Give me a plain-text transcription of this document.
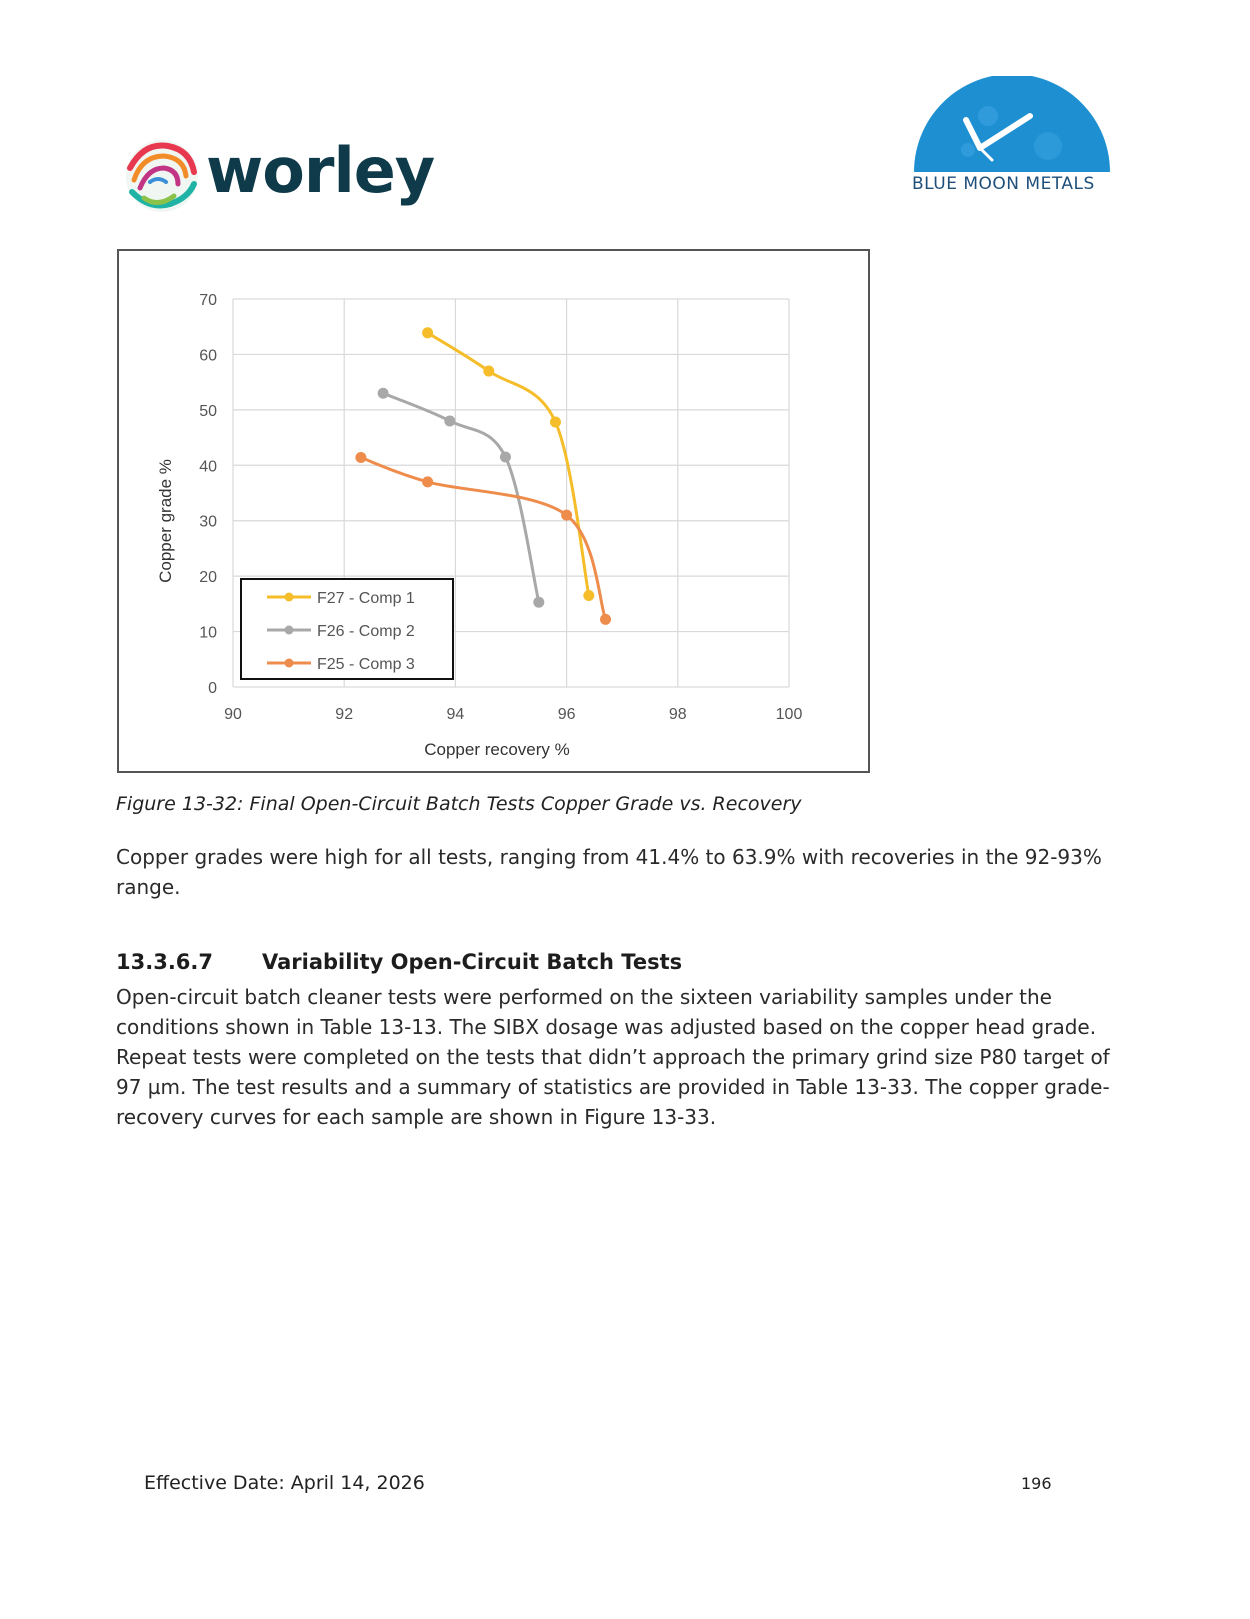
worley	BLUE MOON METALS
90	92	94	96	98	100
0
10
20
30
40
50
60
70
Copper recovery %
Copper grade %
F27 - Comp 1
F26 - Comp 2
F25 - Comp 3
Figure 13-32: Final Open-Circuit Batch Tests Copper Grade vs. Recovery
Copper grades were high for all tests, ranging from 41.4% to 63.9% with recoveries in the 92-93% range.
13.3.6.7 Variability Open-Circuit Batch Tests
Open-circuit batch cleaner tests were performed on the sixteen variability samples under the conditions shown in Table 13-13. The SIBX dosage was adjusted based on the copper head grade. Repeat tests were completed on the tests that didn’t approach the primary grind size P80 target of 97 µm. The test results and a summary of statistics are provided in Table 13-33. The copper grade-recovery curves for each sample are shown in Figure 13-33.
Effective Date: April 14, 2026	196
